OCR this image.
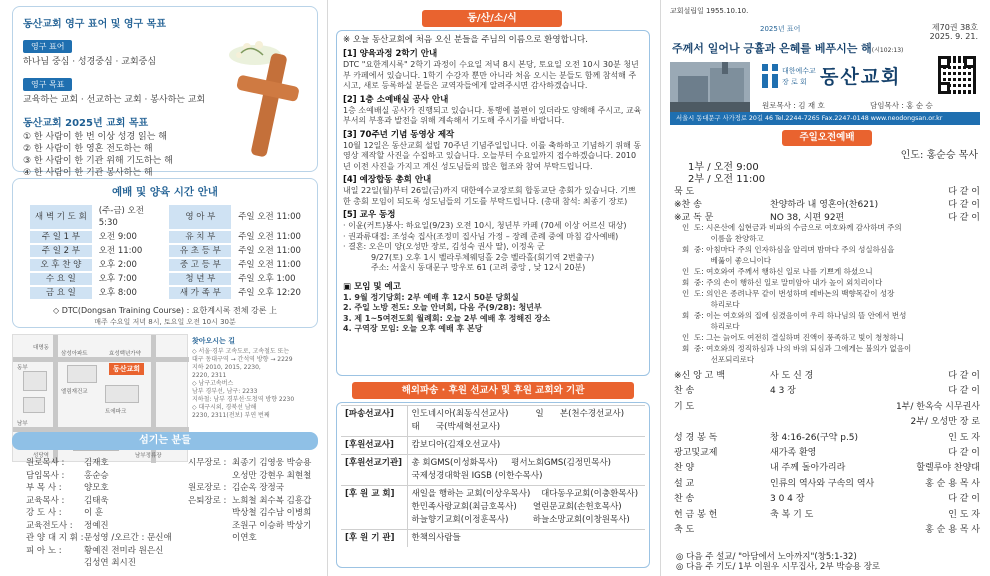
동산교회 영구 표어 및 영구 목표
영구 표어
하나님 중심 · 성경중심 · 교회중심
영구 목표
교육하는 교회 · 선교하는 교회 · 봉사하는 교회
동산교회 2025년 교회 목표
① 한 사람이 한 번 이상 성경 읽는 해
② 한 사람이 한 영혼 전도하는 해
③ 한 사람이 한 기관 위해 기도하는 해
④ 한 사람이 한 기관 봉사하는 해
예배 및 양육 시간 안내
새 벽 기 도 회	(주-금) 오전 5:30	영 아 부	주일 오전 11:00
주 일 1 부	오전 9:00	유 치 부	주일 오전 11:00
주 일 2 부	오전 11:00	유 초 등 부	주일 오전 11:00
오 후 찬 양	오후 2:00	중 고 등 부	주일 오전 11:00
수 요 일	오후 7:00	청 년 부	주일 오후 1:00
금 요 일	오후 8:00	새 가 족 부	주일 오후 12:20
◇ DTC(Dongsan Training Course) : 요한계시록 전체 강론 上
매주 수요일 저녁 8시, 토요일 오전 10시 30분
동산교회
대명동
삼성아파트	효성백년가약
동부
엘림재건교
트에파크
남부
성당역	남부정류장
찾아오시는 길
◇ 서울·경부 고속도로, 고속철도 또는
대구 동대구역 → 간석역 방향 → 2229
지하 2010, 2015, 2230,
2220, 2311
◇ 남구고속버스
남부 경부선, 남구: 2233
지하철: 남부 경부선·도청역 방향 2230
◇ 대구시외, 경북선 남해
2230, 2311(전보) 부연 번째
섬기는 분들
원로목사 : 김재호	시무장로 : 최종기 김영웅 박승용
담임목사 : 홍순승	오성만 강현우 최현철
부 목 사 :	양모호	원로장로 : 김순옥 장정국
교육목사 : 김태욱	은퇴장로 : 노희철 최수복 김흥갑
강 도 사 :	이 훈	박상철 김수남 이병희
교육전도사 : 정예진	조원구 이승하 박상기
관 양 대 지 휘 :문성영 /오르간 : 문신애	이연호
피 아 노 :	황예진 전미라 원은신
김성연 최시진
동/산/소/식
※ 오늘 동산교회에 처음 오신 분들을 주님의 이름으로 환영합니다.
[1] 양육과정 2학기 안내
DTC "요한계시록" 2학기 과정이 수요일 저녁 8시 본당, 토요일 오전 10시 30분 청년부 카페에서 있습니다. 1학기 수강자 뿐만 아니라 처음 오시는 분들도 함께 참석해 주시고, 새로 등록하실 분들은 교역자들에게 알려주시면 감사하겠습니다.
[2] 1층 소예배실 공사 안내
1층 소예배실 공사가 진행되고 있습니다. 통행에 불편이 있더라도 양해해 주시고, 교육부서의 부흥과 발전을 위해 계속해서 기도해 주시기를 바랍니다.
[3] 70주년 기념 동영상 제작
10월 12일은 동산교회 설립 70주년 기념주일입니다. 이를 축하하고 기념하기 위해 동영상 제작할 사진을 수집하고 있습니다. 오늘부터 수요일까지 접수하겠습니다. 2010년 이전 사진을 가지고 계신 성도님들의 많은 협조와 참여 부탁드립니다.
[4] 예장합동 총회 안내
내일 22일(월)부터 26일(금)까지 대한예수교장로회 합동교단 총회가 있습니다. 기쁘한 총회 모임이 되도록 성도님들의 기도를 부탁드립니다. (총대 참석: 최종기 장로)
[5] 교우 동정
· 이윤(커트)봉사: 하요일(9/23) 오전 10시, 청년부 카페 (70세 이상 어르신 대상)
· 권과류대접: 조성숙 집사(조정미 집사님 가정 – 장례 준례 중에 마침 감사예배)
· 결혼: 오은미 양(오성만 장로, 김성숙 권사 딸), 이정욱 군
9/27(토) 오후 1시 벨라루체웨딩홀 2층 벨라홀(회기역 2번출구)
주소: 서울시 동대문구 망우로 61 (고려 중앙 , 낮 12시 20분)
▣ 모임 및 예고
1. 9월 정기당회: 2부 예배 후 12시 50분 당회실
2. 주일 노방 전도: 오늘 안녀회, 다음 주(9/28): 청년부
3. 제 1~5여전도회 월례회: 오늘 2부 예배 후 정해진 장소
4. 구역장 모임: 오늘 오후 예배 후 본당
해외파송 · 후원 선교사 및 후원 교회와 기관
[파송선교사]	인도네시아(최동식선교사)          일      본(천수경선교사)
태      국(박세혁선교사)

[후원선교사]	캄보디아(김재오선교사)

[후원선교기관]	총 회GMS(이성화목사)     평서노회GMS(김정민목사)
국제성경대학원 IGSB (이한수목사)

[후 원 교 회]	새일을 행하는 교회(이상우목사)    대다동우교회(이충환목사)
한민족사랑교회(최금호목사)      열린문교회(손헌호목사)
하늘향기교회(이정훈목사)         하늘소망교회(이창원목사)

[후 원 기 관]	한책의사람들
교회설립일 1955.10.10.
제70권 38호
2025. 9. 21.
2025년 표어
주께서 일어나 긍휼과 은혜를 베푸시는 해(시102:13)
대한예수교
장 로 회 동산교회
원로목사 : 김 재 호	담임목사 : 홍 순 승
서울시 동대문구 사가정로 20길 46 Tel.2244-7265 Fax.2247-0148 www.neodongsan.or.kr
주일오전예배
인도: 홍순승 목사
1부 / 오전 9:00
2부 / 오전 11:00
묵 도	다 같 이
※찬 송	찬양하라 내 영혼아(찬621)	다 같 이
※교 독 문	NO 38, 시편 92편	다 같 이
인  도: 시온산에 십현금과 비파의 수금으로 여호와께 감사하며 주의
이름을 찬양하고
회  중: 아침마다 주의 인자하심을 알리며 밤마다 주의 성실하심을
베풂이 좋으니이다
인  도: 여호와여 주께서 행하신 일로 나를 기쁘게 하셨으니
회  중: 주의 손이 행하신 일로 말미암아 내가 높이 외치리이다
인  도: 의인은 종려나무 같이 번성하며 레바논의 백향목같이 성장
하리로다
회  중: 이는 여호와의 집에 심겼음이여 우리 하나님의 뜰 안에서 번성
하리로다
인  도: 그는 늙어도 여전히 결실하며 진액이 풍족하고 빛이 청청하니
회  중: 여호와의 정직하심과 나의 바위 되심과 그에게는 불의가 없음이
선포되리로다
※신 앙 고 백	사 도 신 경	다 같 이
찬 송	4 3 장	다 같 이
기 도	1부/ 한옥숙 시무권사
2부/ 오성만 장 로
성 경 봉 독	창 4:16-26(구약 p.5)	인 도 자
광고및교제	새가족 환영	다 같 이
찬 양	내 주께 돌아가리라	할렐루야 찬양대
설 교	인류의 역사와 구속의 역사	홍 순 용 목 사
찬 송	3 0 4 장	다 같 이
헌 금 봉 헌	축 복 기 도	인 도 자
축 도	홍 순 용 목 사
◎ 다음 주 설교/ "아담에서 노아까지"(창5:1-32)
◎ 다음 주 기도/ 1부 이원우 시무집사, 2부 박승용 장로
